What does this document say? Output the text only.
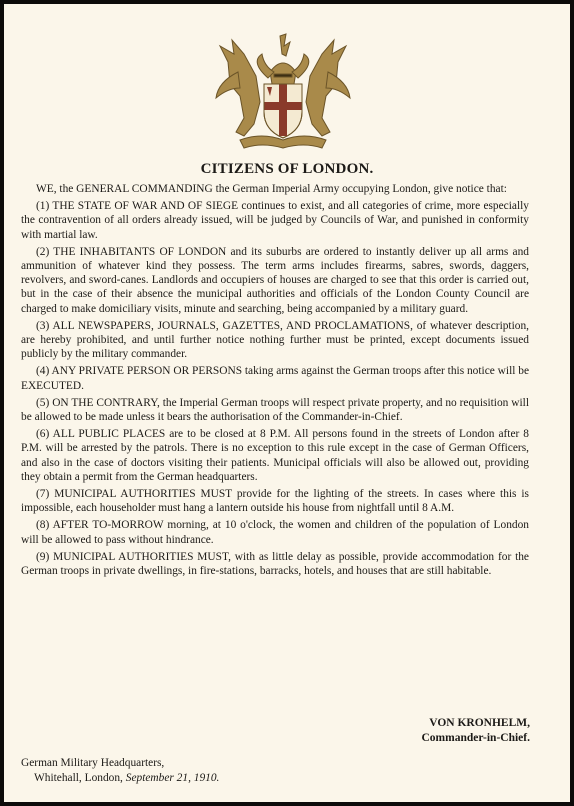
CITIZENS OF LONDON.

WE, the GENERAL COMMANDING the German Imperial Army occupying London, give notice that:

(1) THE STATE OF WAR AND OF SIEGE continues to exist, and all categories of crime, more especially the contravention of all orders already issued, will be judged by Councils of War, and punished in conformity with martial law.

(2) THE INHABITANTS OF LONDON and its suburbs are ordered to instantly deliver up all arms and ammunition of whatever kind they possess. The term arms includes firearms, sabres, swords, daggers, revolvers, and sword-canes. Landlords and occupiers of houses are charged to see that this order is carried out, but in the case of their absence the municipal authorities and officials of the London County Council are charged to make domiciliary visits, minute and searching, being accompanied by a military guard.

(3) ALL NEWSPAPERS, JOURNALS, GAZETTES, AND PROCLAMATIONS, of whatever description, are hereby prohibited, and until further notice nothing further must be printed, except documents issued publicly by the military commander.

(4) ANY PRIVATE PERSON OR PERSONS taking arms against the German troops after this notice will be EXECUTED.

(5) ON THE CONTRARY, the Imperial German troops will respect private property, and no requisition will be allowed to be made unless it bears the authorisation of the Commander-in-Chief.

(6) ALL PUBLIC PLACES are to be closed at 8 P.M. All persons found in the streets of London after 8 P.M. will be arrested by the patrols. There is no exception to this rule except in the case of German Officers, and also in the case of doctors visiting their patients. Municipal officials will also be allowed out, providing they obtain a permit from the German headquarters.

(7) MUNICIPAL AUTHORITIES MUST provide for the lighting of the streets. In cases where this is impossible, each householder must hang a lantern outside his house from nightfall until 8 A.M.

(8) AFTER TO-MORROW morning, at 10 o'clock, the women and children of the population of London will be allowed to pass without hindrance.

(9) MUNICIPAL AUTHORITIES MUST, with as little delay as possible, provide accommodation for the German troops in private dwellings, in fire-stations, barracks, hotels, and houses that are still habitable.

VON KRONHELM,
Commander-in-Chief.
German Military Headquarters,
Whitehall, London, September 21, 1910.
